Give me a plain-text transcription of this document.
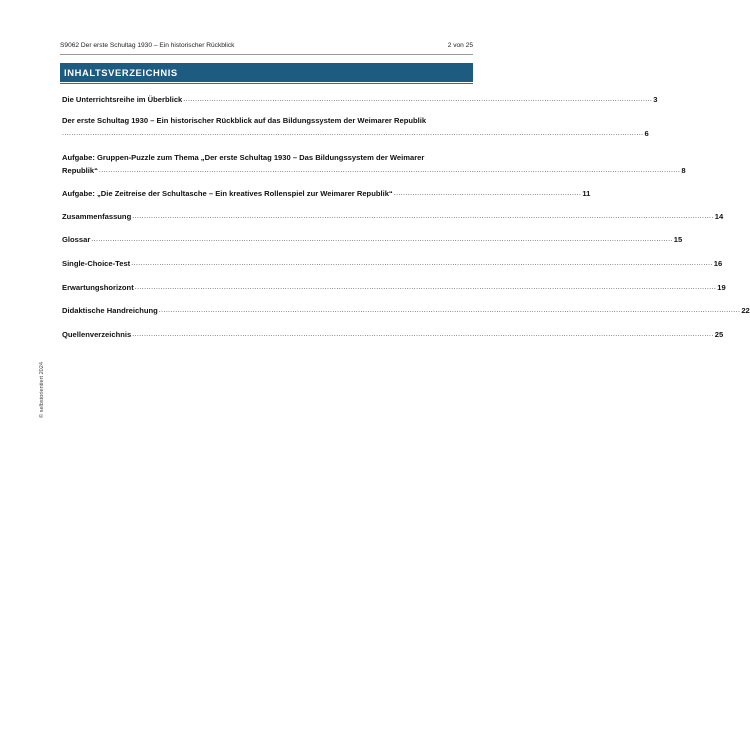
S9062 Der erste Schultag 1930 – Ein historischer Rückblick	2 von 25
INHALTSVERZEICHNIS
Die Unterrichtsreihe im Überblick ........................................................................................................................................................................................................ 3
Der erste Schultag 1930 – Ein historischer Rückblick auf das Bildungssystem der Weimarer Republik
........................................................................................................................................................................................................................................................ 6
Aufgabe: Gruppen-Puzzle zum Thema „Der erste Schultag 1930 – Das Bildungssystem der Weimarer
Republik“ ........................................................................................................................................................................................................................................................ 8
Aufgabe: „Die Zeitreise der Schultasche – Ein kreatives Rollenspiel zur Weimarer Republik“ ................................................................................ 11
Zusammenfassung ........................................................................................................................................................................................................................................................ 14
Glossar ........................................................................................................................................................................................................................................................ 15
Single-Choice-Test ........................................................................................................................................................................................................................................................ 16
Erwartungshorizont ........................................................................................................................................................................................................................................................ 19
Didaktische Handreichung ........................................................................................................................................................................................................................................................ 22
Quellenverzeichnis ........................................................................................................................................................................................................................................................ 25
© selbstorientiert 2024
